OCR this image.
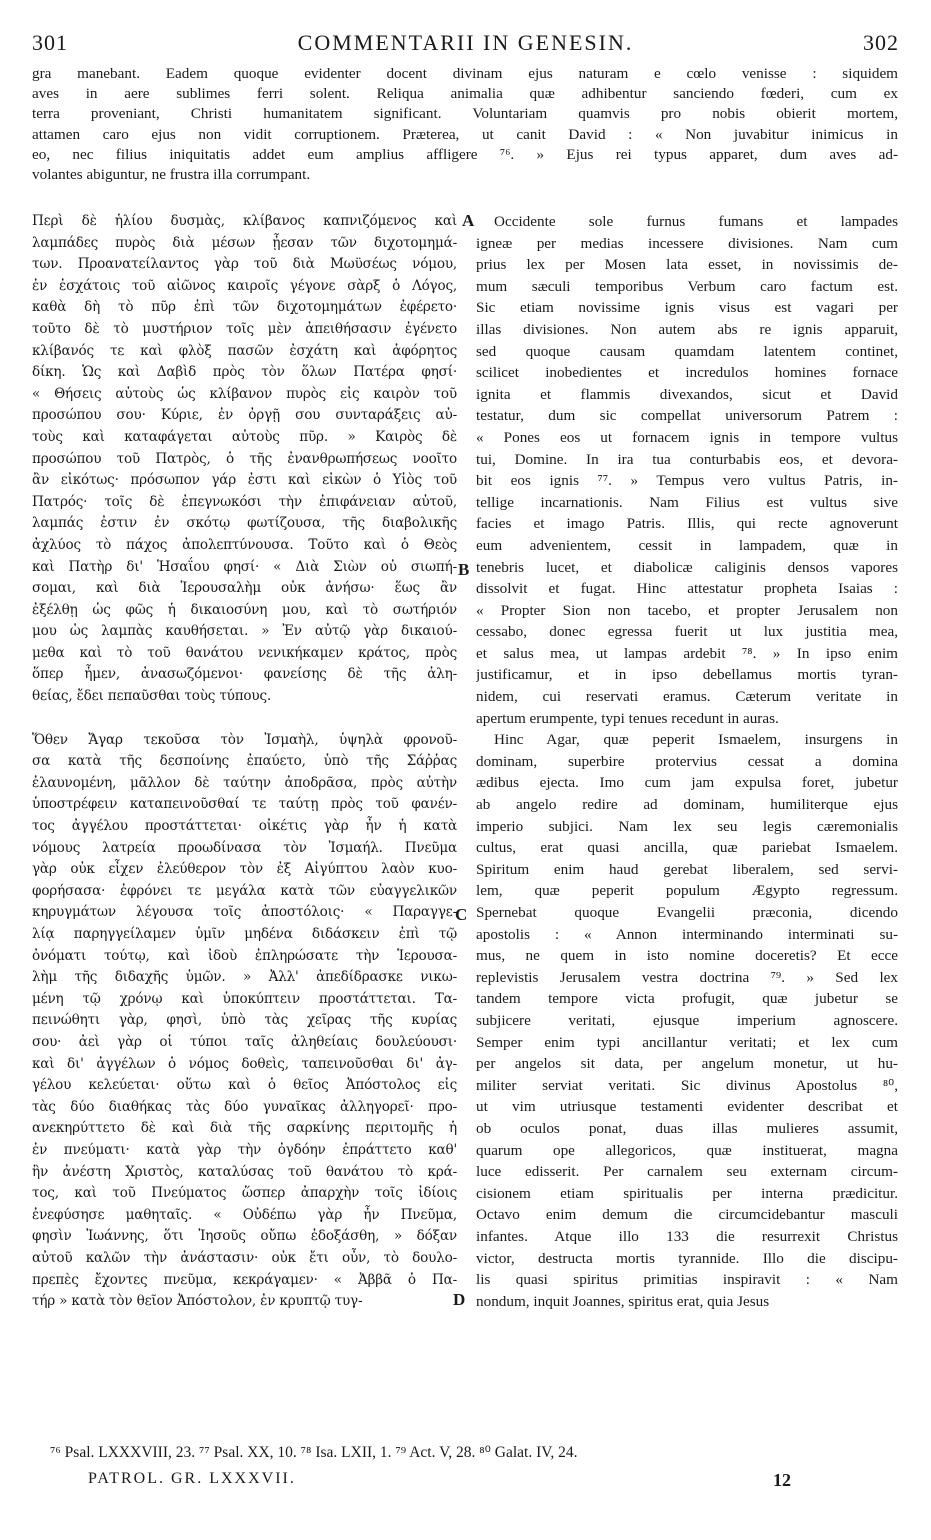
301	COMMENTARII IN GENESIN.	302
gra manebant. Eadem quoque evidenter docent divinam ejus naturam e cœlo venisse : siquidem
aves in aere sublimes ferri solent. Reliqua animalia quæ adhibentur sanciendo fœderi, cum ex
terra proveniant, Christi humanitatem significant. Voluntariam quamvis pro nobis obierit mortem,
attamen caro ejus non vidit corruptionem. Præterea, ut canit David : « Non juvabitur inimicus in
eo, nec filius iniquitatis addet eum amplius affligere ⁷⁶. » Ejus rei typus apparet, dum aves ad-
volantes abiguntur, ne frustra illa corrumpant.
Περὶ δὲ ἡλίου δυσμὰς, κλίβανος καπνιζόμενος καὶ
λαμπάδες πυρὸς διὰ μέσων ᾖεσαν τῶν διχοτομημά-
των. Προανατείλαντος γὰρ τοῦ διὰ Μωϋσέως νόμου,
ἐν ἐσχάτοις τοῦ αἰῶνος καιροῖς γέγονε σὰρξ ὁ Λόγος,
καθὰ δὴ τὸ πῦρ ἐπὶ τῶν διχοτομημάτων ἐφέρετο·
τοῦτο δὲ τὸ μυστήριον τοῖς μὲν ἀπειθήσασιν ἐγένετο
κλίβανός τε καὶ φλὸξ πασῶν ἐσχάτη καὶ ἀφόρητος
δίκη. Ὡς καὶ Δαβὶδ πρὸς τὸν ὅλων Πατέρα φησί·
« Θήσεις αὐτοὺς ὡς κλίβανον πυρὸς εἰς καιρὸν τοῦ
προσώπου σου· Κύριε, ἐν ὀργῇ σου συνταράξεις αὐ-
τοὺς καὶ καταφάγεται αὐτοὺς πῦρ. » Καιρὸς δὲ
προσώπου τοῦ Πατρὸς, ὁ τῆς ἐνανθρωπήσεως νοοῖτο
ἂν εἰκότως· πρόσωπον γάρ ἐστι καὶ εἰκὼν ὁ Υἱὸς τοῦ
Πατρός· τοῖς δὲ ἐπεγνωκόσι τὴν ἐπιφάνειαν αὐτοῦ,
λαμπάς ἐστιν ἐν σκότῳ φωτίζουσα, τῆς διαβολικῆς
ἀχλύος τὸ πάχος ἀπολεπτύνουσα. Τοῦτο καὶ ὁ Θεὸς
καὶ Πατὴρ δι' Ἡσαΐου φησί· « Διὰ Σιὼν οὐ σιωπή-
σομαι, καὶ διὰ Ἱερουσαλὴμ οὐκ ἀνήσω· ἕως ἂν
ἐξέλθῃ ὡς φῶς ἡ δικαιοσύνη μου, καὶ τὸ σωτήριόν
μου ὡς λαμπὰς καυθήσεται. » Ἐν αὐτῷ γὰρ δικαιού-
μεθα καὶ τὸ τοῦ θανάτου νενικήκαμεν κράτος, πρὸς
ὅπερ ἦμεν, ἀνασωζόμενοι· φανείσης δὲ τῆς ἀλη-
θείας, ἔδει πεπαῦσθαι τοὺς τύπους.
Ὅθεν Ἄγαρ τεκοῦσα τὸν Ἰσμαὴλ, ὑψηλὰ φρονοῦ-
σα κατὰ τῆς δεσποίνης ἐπαύετο, ὑπὸ τῆς Σάῤῥας
ἐλαυνομένη, μᾶλλον δὲ ταύτην ἀποδρᾶσα, πρὸς αὐτὴν
ὑποστρέφειν καταπεινοῦσθαί τε ταύτῃ πρὸς τοῦ φανέν-
τος ἀγγέλου προστάττεται· οἰκέτις γὰρ ἦν ἡ κατὰ
νόμους λατρεία προωδίνασα τὸν Ἰσμαήλ. Πνεῦμα
γὰρ οὐκ εἶχεν ἐλεύθερον τὸν ἐξ Αἰγύπτου λαὸν κυο-
φορήσασα· ἐφρόνει τε μεγάλα κατὰ τῶν εὐαγγελικῶν
κηρυγμάτων λέγουσα τοῖς ἀποστόλοις· « Παραγγε-
λίᾳ παρηγγείλαμεν ὑμῖν μηδένα διδάσκειν ἐπὶ τῷ
ὀνόματι τούτῳ, καὶ ἰδοὺ ἐπληρώσατε τὴν Ἱερουσα-
λὴμ τῆς διδαχῆς ὑμῶν. » Ἀλλ' ἀπεδίδρασκε νικω-
μένη τῷ χρόνῳ καὶ ὑποκύπτειν προστάττεται. Τα-
πεινώθητι γὰρ, φησὶ, ὑπὸ τὰς χεῖρας τῆς κυρίας
σου· ἀεὶ γὰρ οἱ τύποι ταῖς ἀληθείαις δουλεύουσι·
καὶ δι' ἀγγέλων ὁ νόμος δοθεὶς, ταπεινοῦσθαι δι' ἀγ-
γέλου κελεύεται· οὕτω καὶ ὁ θεῖος Ἀπόστολος εἰς
τὰς δύο διαθήκας τὰς δύο γυναῖκας ἀλληγορεῖ· προ-
ανεκηρύττετο δὲ καὶ διὰ τῆς σαρκίνης περιτομῆς ἡ
ἐν πνεύματι· κατὰ γὰρ τὴν ὀγδόην ἐπράττετο καθ'
ἣν ἀνέστη Χριστὸς, καταλύσας τοῦ θανάτου τὸ κρά-
τος, καὶ τοῦ Πνεύματος ὥσπερ ἀπαρχὴν τοῖς ἰδίοις
ἐνεφύσησε μαθηταῖς. « Οὐδέπω γὰρ ἦν Πνεῦμα,
φησὶν Ἰωάννης, ὅτι Ἰησοῦς οὔπω ἐδοξάσθη, » δόξαν
αὐτοῦ καλῶν τὴν ἀνάστασιν· οὐκ ἔτι οὖν, τὸ δουλο-
πρεπὲς ἔχοντες πνεῦμα, κεκράγαμεν· « Ἀββᾶ ὁ Πα-
τήρ » κατὰ τὸν θεῖον Ἀπόστολον, ἐν κρυπτῷ τυγ-
Occidente sole furnus fumans et lampades
igneæ per medias incessere divisiones. Nam cum
prius lex per Mosen lata esset, in novissimis de-
mum sæculi temporibus Verbum caro factum est.
Sic etiam novissime ignis visus est vagari per
illas divisiones. Non autem abs re ignis apparuit,
sed quoque causam quamdam latentem continet,
scilicet inobedientes et incredulos homines fornace
ignita et flammis divexandos, sicut et David
testatur, dum sic compellat universorum Patrem :
« Pones eos ut fornacem ignis in tempore vultus
tui, Domine. In ira tua conturbabis eos, et devora-
bit eos ignis ⁷⁷. » Tempus vero vultus Patris, in-
tellige incarnationis. Nam Filius est vultus sive
facies et imago Patris. Illis, qui recte agnoverunt
eum advenientem, cessit in lampadem, quæ in
tenebris lucet, et diabolicæ caliginis densos vapores
dissolvit et fugat. Hinc attestatur propheta Isaias :
« Propter Sion non tacebo, et propter Jerusalem non
cessabo, donec egressa fuerit ut lux justitia mea,
et salus mea, ut lampas ardebit ⁷⁸. » In ipso enim
justificamur, et in ipso debellamus mortis tyran-
nidem, cui reservati eramus. Cæterum veritate in
apertum erumpente, typi tenues recedunt in auras.
Hinc Agar, quæ peperit Ismaelem, insurgens in
dominam, superbire protervius cessat a domina
ædibus ejecta. Imo cum jam expulsa foret, jubetur
ab angelo redire ad dominam, humiliterque ejus
imperio subjici. Nam lex seu legis cæremonialis
cultus, erat quasi ancilla, quæ pariebat Ismaelem.
Spiritum enim haud gerebat liberalem, sed servi-
lem, quæ peperit populum Ægypto regressum.
Spernebat quoque Evangelii præconia, dicendo
apostolis : « Annon interminando interminati su-
mus, ne quem in isto nomine doceretis? Et ecce
replevistis Jerusalem vestra doctrina ⁷⁹. » Sed lex
tandem tempore victa profugit, quæ jubetur se
subjicere veritati, ejusque imperium agnoscere.
Semper enim typi ancillantur veritati; et lex cum
per angelos sit data, per angelum monetur, ut hu-
militer serviat veritati. Sic divinus Apostolus ⁸⁰,
ut vim utriusque testamenti evidenter describat et
ob oculos ponat, duas illas mulieres assumit,
quarum ope allegoricos, quæ instituerat, magna
luce edisserit. Per carnalem seu externam circum-
cisionem etiam spiritualis per interna prædicitur.
Octavo enim demum die circumcidebantur masculi
infantes. Atque illo 133 die resurrexit Christus
victor, destructa mortis tyrannide. Illo die discipu-
lis quasi spiritus primitias inspiravit : « Nam
nondum, inquit Joannes, spiritus erat, quia Jesus
A
B
C
D
⁷⁶ Psal. LXXXVIII, 23. ⁷⁷ Psal. XX, 10. ⁷⁸ Isa. LXII, 1. ⁷⁹ Act. V, 28. ⁸⁰ Galat. IV, 24.
PATROL. GR. LXXXVII.	12
